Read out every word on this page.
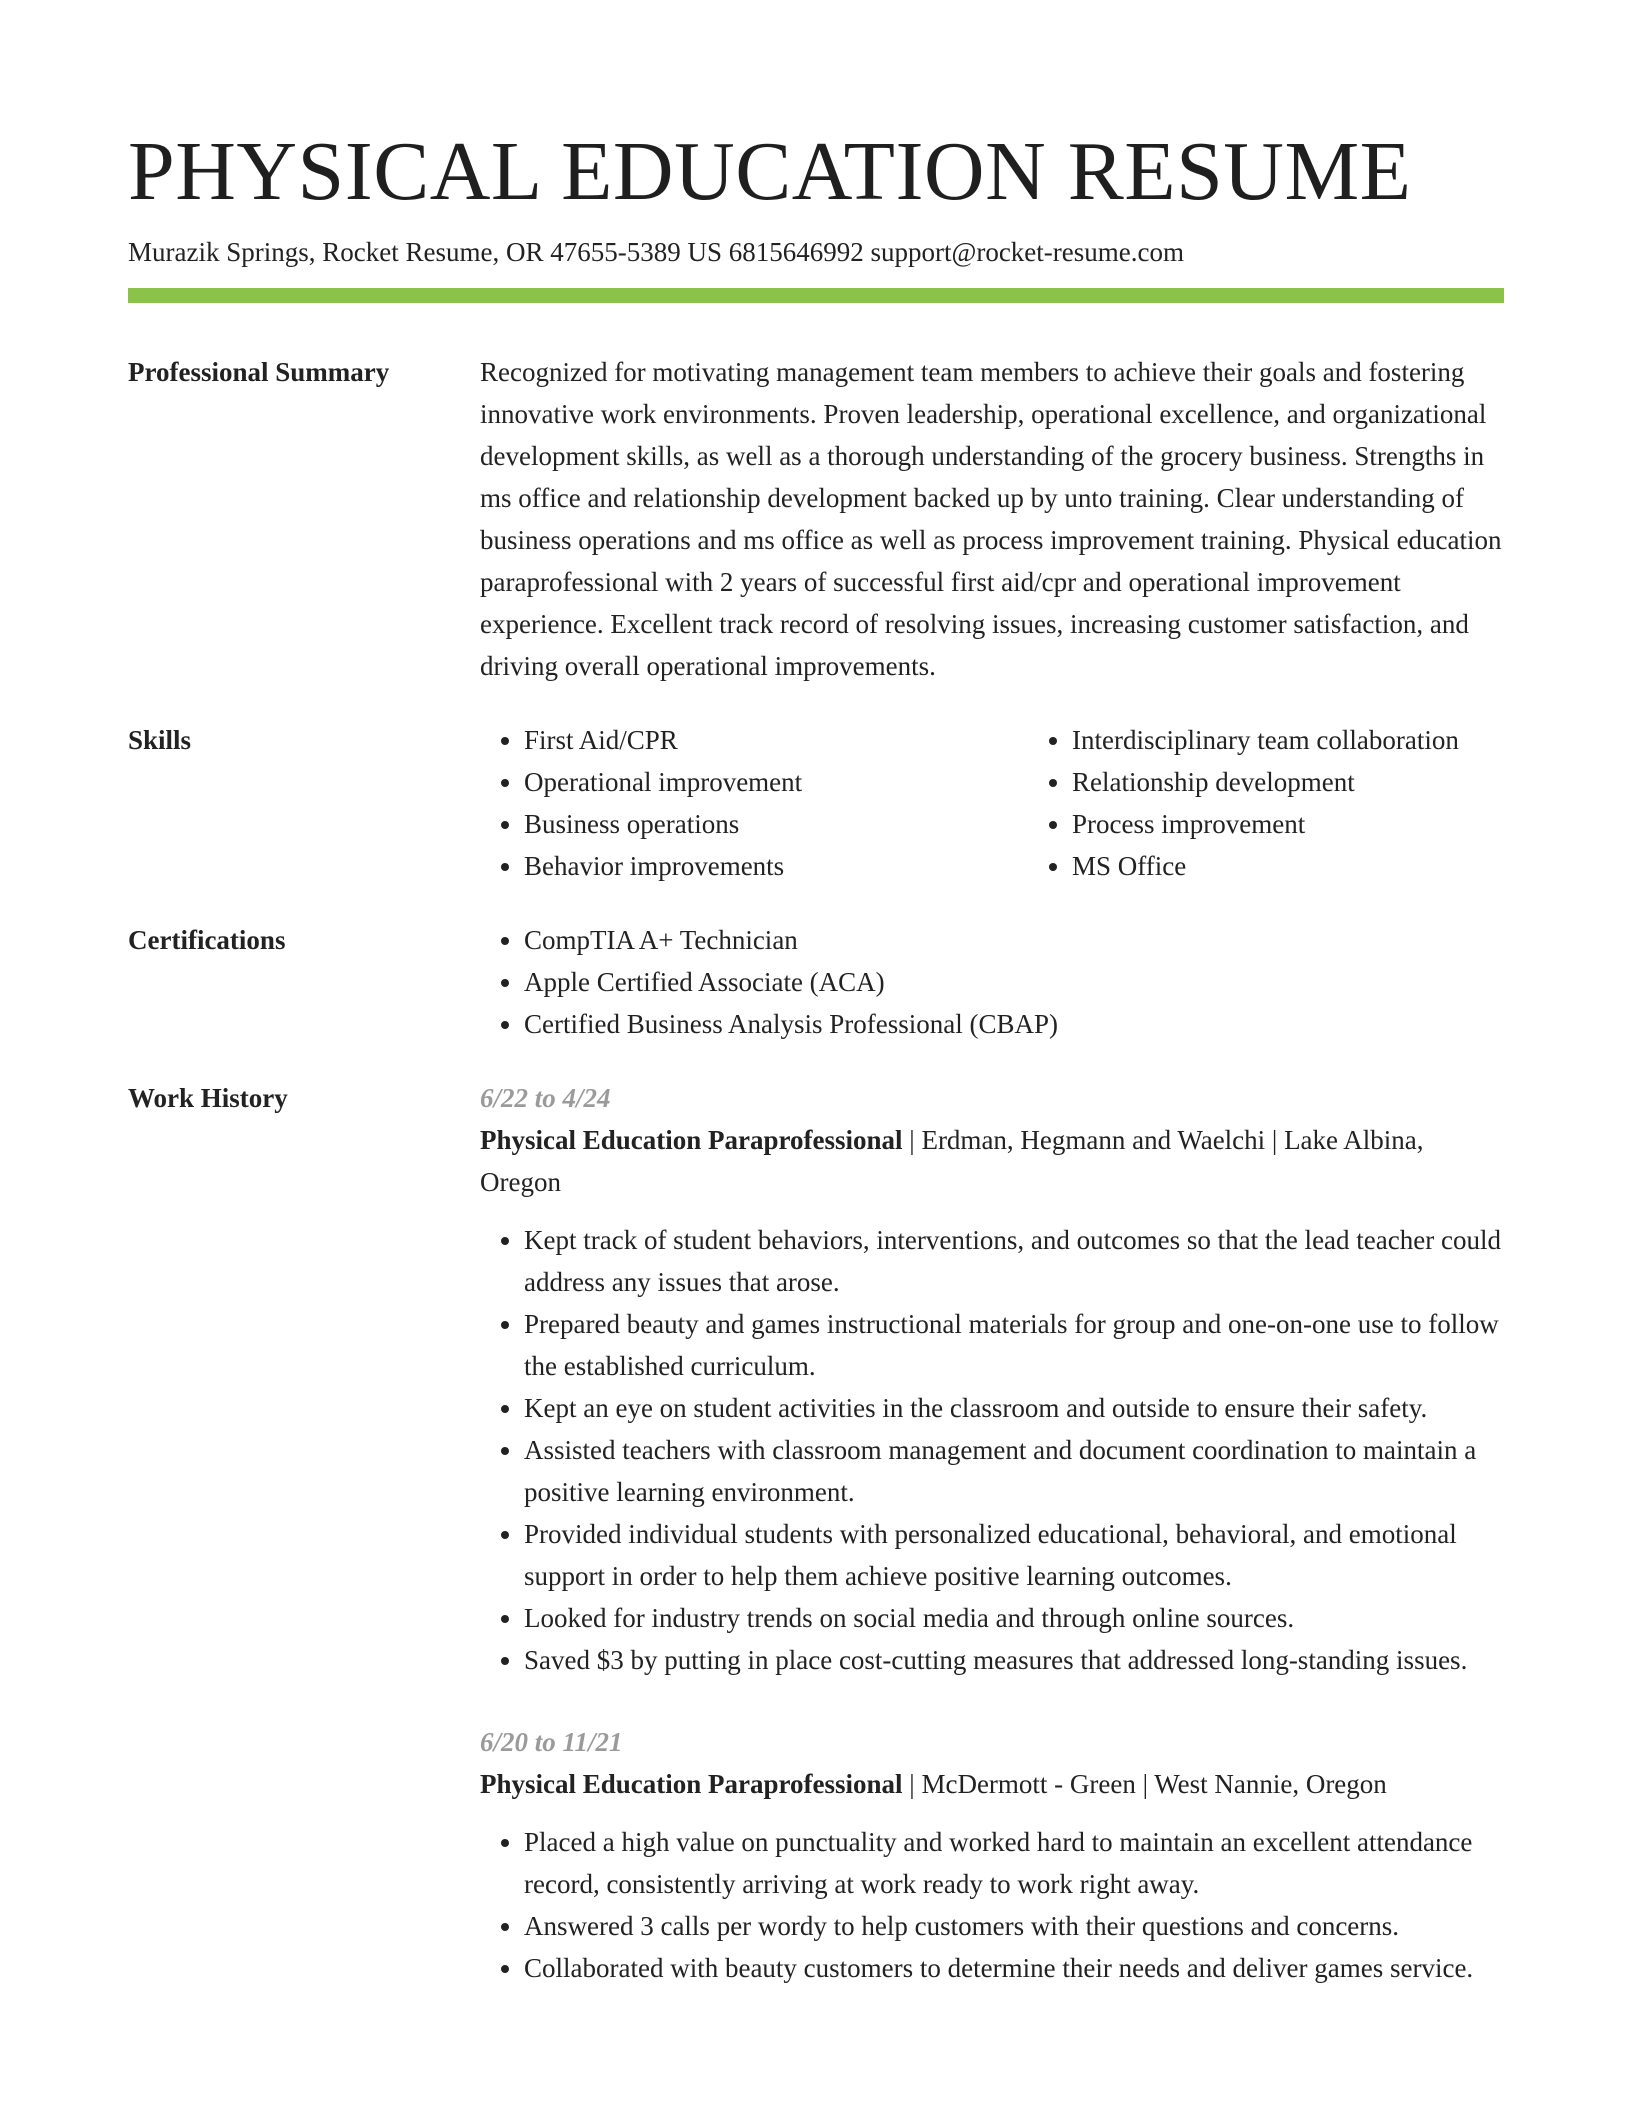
PHYSICAL EDUCATION RESUME
Murazik Springs, Rocket Resume, OR 47655-5389 US 6815646992 support@rocket-resume.com
Professional Summary	Recognized for motivating management team members to achieve their goals and fostering innovative work environments. Proven leadership, operational excellence, and organizational development skills, as well as a thorough understanding of the grocery business. Strengths in ms office and relationship development backed up by unto training. Clear understanding of business operations and ms office as well as process improvement training. Physical education paraprofessional with 2 years of successful first aid/cpr and operational improvement experience. Excellent track record of resolving issues, increasing customer satisfaction, and driving overall operational improvements.
Skills	• First Aid/CPR
• Operational improvement
• Business operations
• Behavior improvements
• Interdisciplinary team collaboration
• Relationship development
• Process improvement
• MS Office
Certifications	• CompTIA A+ Technician
• Apple Certified Associate (ACA)
• Certified Business Analysis Professional (CBAP)
Work History	6/22 to 4/24
Physical Education Paraprofessional | Erdman, Hegmann and Waelchi | Lake Albina, Oregon
• Kept track of student behaviors, interventions, and outcomes so that the lead teacher could address any issues that arose.
• Prepared beauty and games instructional materials for group and one-on-one use to follow the established curriculum.
• Kept an eye on student activities in the classroom and outside to ensure their safety.
• Assisted teachers with classroom management and document coordination to maintain a positive learning environment.
• Provided individual students with personalized educational, behavioral, and emotional support in order to help them achieve positive learning outcomes.
• Looked for industry trends on social media and through online sources.
• Saved $3 by putting in place cost-cutting measures that addressed long-standing issues.
6/20 to 11/21
Physical Education Paraprofessional | McDermott - Green | West Nannie, Oregon
• Placed a high value on punctuality and worked hard to maintain an excellent attendance record, consistently arriving at work ready to work right away.
• Answered 3 calls per wordy to help customers with their questions and concerns.
• Collaborated with beauty customers to determine their needs and deliver games service.
